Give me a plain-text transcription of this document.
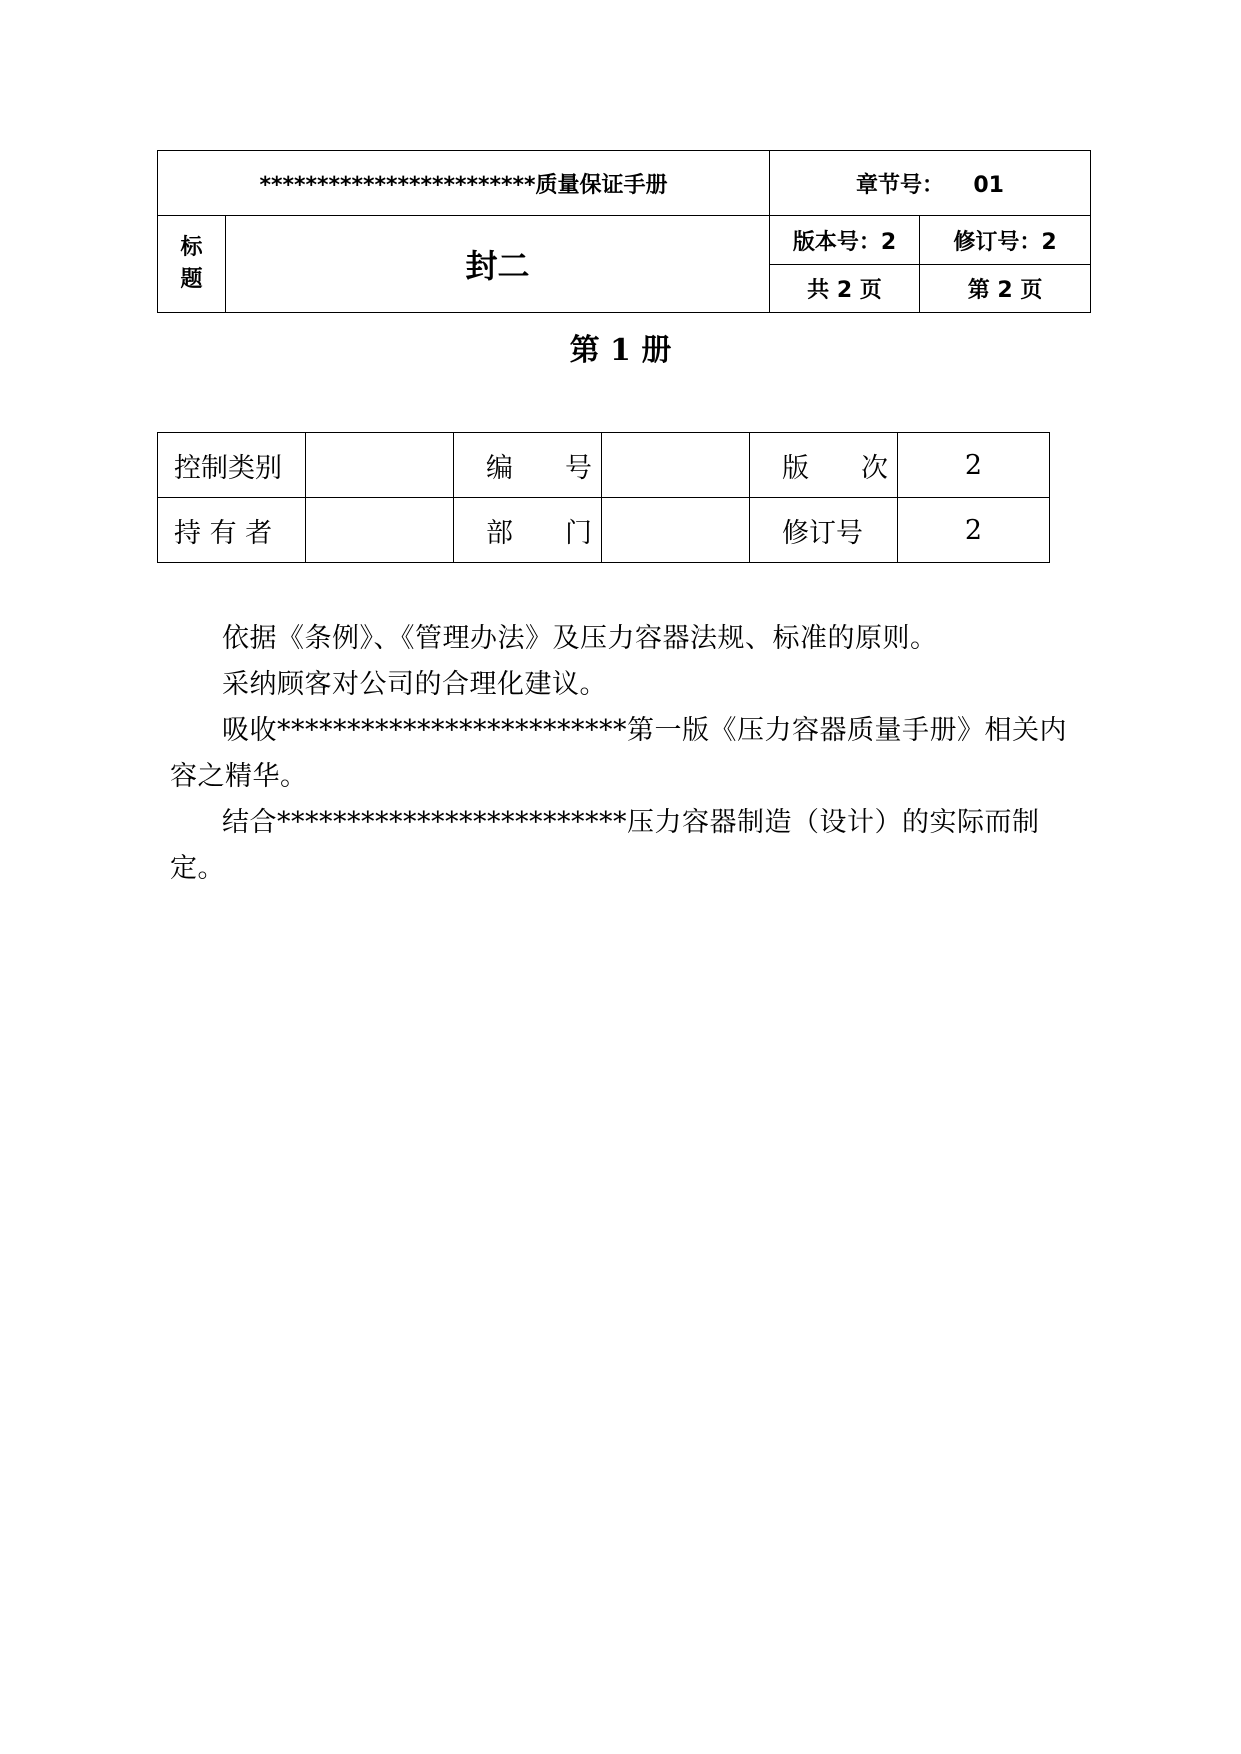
************************质量保证手册		章节号： 01	

标
题	封二	版本号：2	修订号：2
		共 2 页	第 2 页
第 1 册
控制类别		编 号		版 次	2
持 有 者		部 门		修订号	2

依据《条例》、《管理办法》及压力容器法规、标准的原则。

采纳顾客对公司的合理化建议。

吸收*************************第一版《压力容器质量手册》相关内容之精华。

结合*************************压力容器制造（设计）的实际而制定。
